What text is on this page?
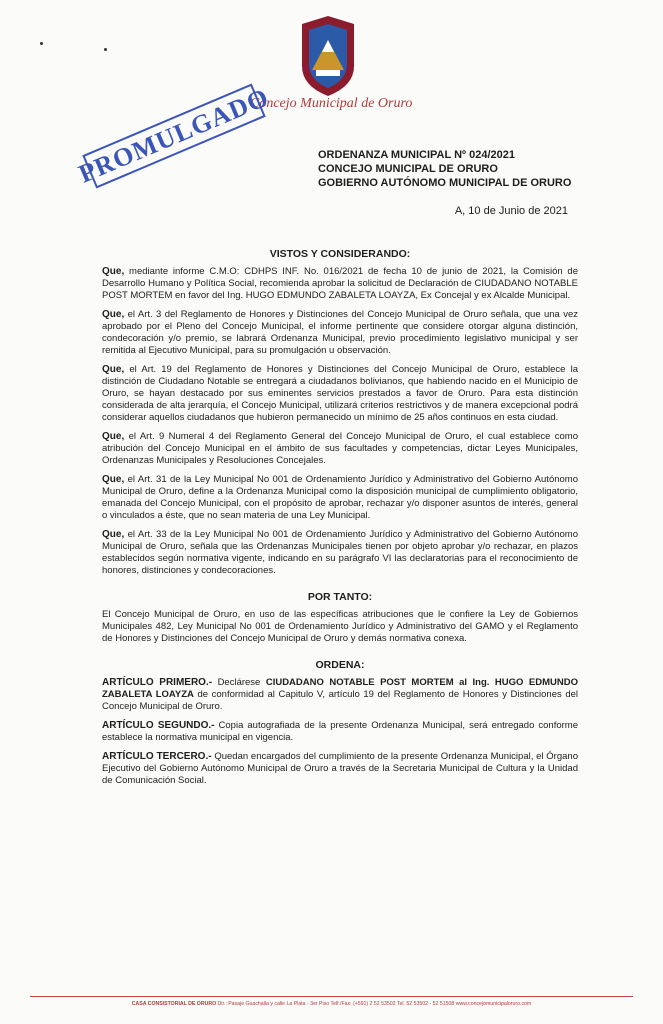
Concejo Municipal de Oruro
PROMULGADO	ORDENANZA MUNICIPAL Nº 024/2021
CONCEJO MUNICIPAL DE ORURO
GOBIERNO AUTÓNOMO MUNICIPAL DE ORURO
A, 10 de Junio de 2021
VISTOS Y CONSIDERANDO:
Que, mediante informe C.M.O: CDHPS INF. No. 016/2021 de fecha 10 de junio de 2021, la Comisión de Desarrollo Humano y Política Social, recomienda aprobar la solicitud de Declaración de CIUDADANO NOTABLE POST MORTEM en favor del Ing. HUGO EDMUNDO ZABALETA LOAYZA, Ex Concejal y ex Alcalde Municipal.
Que, el Art. 3 del Reglamento de Honores y Distinciones del Concejo Municipal de Oruro señala, que una vez aprobado por el Pleno del Concejo Municipal, el informe pertinente que considere otorgar alguna distinción, condecoración y/o premio, se labrará Ordenanza Municipal, previo procedimiento legislativo municipal y ser remitida al Ejecutivo Municipal, para su promulgación u observación.
Que, el Art. 19 del Reglamento de Honores y Distinciones del Concejo Municipal de Oruro, establece la distinción de Ciudadano Notable se entregará a ciudadanos bolivianos, que habiendo nacido en el Municipio de Oruro, se hayan destacado por sus eminentes servicios prestados a favor de Oruro. Para esta distinción considerada de alta jerarquía, el Concejo Municipal, utilizará criterios restrictivos y de manera excepcional podrá considerar aquellos ciudadanos que hubieron permanecido un mínimo de 25 años continuos en esta ciudad.
Que, el Art. 9 Numeral 4 del Reglamento General del Concejo Municipal de Oruro, el cual establece como atribución del Concejo Municipal en el ámbito de sus facultades y competencias, dictar Leyes Municipales, Ordenanzas Municipales y Resoluciones Concejales.
Que, el Art. 31 de la Ley Municipal No 001 de Ordenamiento Jurídico y Administrativo del Gobierno Autónomo Municipal de Oruro, define a la Ordenanza Municipal como la disposición municipal de cumplimiento obligatorio, emanada del Concejo Municipal, con el propósito de aprobar, rechazar y/o disponer asuntos de interés, general o vinculados a éste, que no sean materia de una Ley Municipal.
Que, el Art. 33 de la Ley Municipal No 001 de Ordenamiento Jurídico y Administrativo del Gobierno Autónomo Municipal de Oruro, señala que las Ordenanzas Municipales tienen por objeto aprobar y/o rechazar, en plazos establecidos según normativa vigente, indicando en su parágrafo VI las declaratorias para el reconocimiento de honores, distinciones y condecoraciones.
POR TANTO:
El Concejo Municipal de Oruro, en uso de las específicas atribuciones que le confiere la Ley de Gobiernos Municipales 482, Ley Municipal No 001 de Ordenamiento Jurídico y Administrativo del GAMO y el Reglamento de Honores y Distinciones del Concejo Municipal de Oruro y demás normativa conexa.
ORDENA:
ARTÍCULO PRIMERO.- Declárese CIUDADANO NOTABLE POST MORTEM al Ing. HUGO EDMUNDO ZABALETA LOAYZA de conformidad al Capitulo V, artículo 19 del Reglamento de Honores y Distinciones del Concejo Municipal de Oruro.
ARTÍCULO SEGUNDO.- Copia autografiada de la presente Ordenanza Municipal, será entregado conforme establece la normativa municipal en vigencia.
ARTÍCULO TERCERO.- Quedan encargados del cumplimiento de la presente Ordenanza Municipal, el Órgano Ejecutivo del Gobierno Autónomo Municipal de Oruro a través de la Secretaria Municipal de Cultura y la Unidad de Comunicación Social.
CASA CONSISTORIAL DE ORURO Dir.: Pasaje Guachalla y calle La Plata - 3er Piso Telf./Fax: (+591) 2 52 53502 Tel. 52 53502 - 52 51508 www.concejomunicipaloruro.com
